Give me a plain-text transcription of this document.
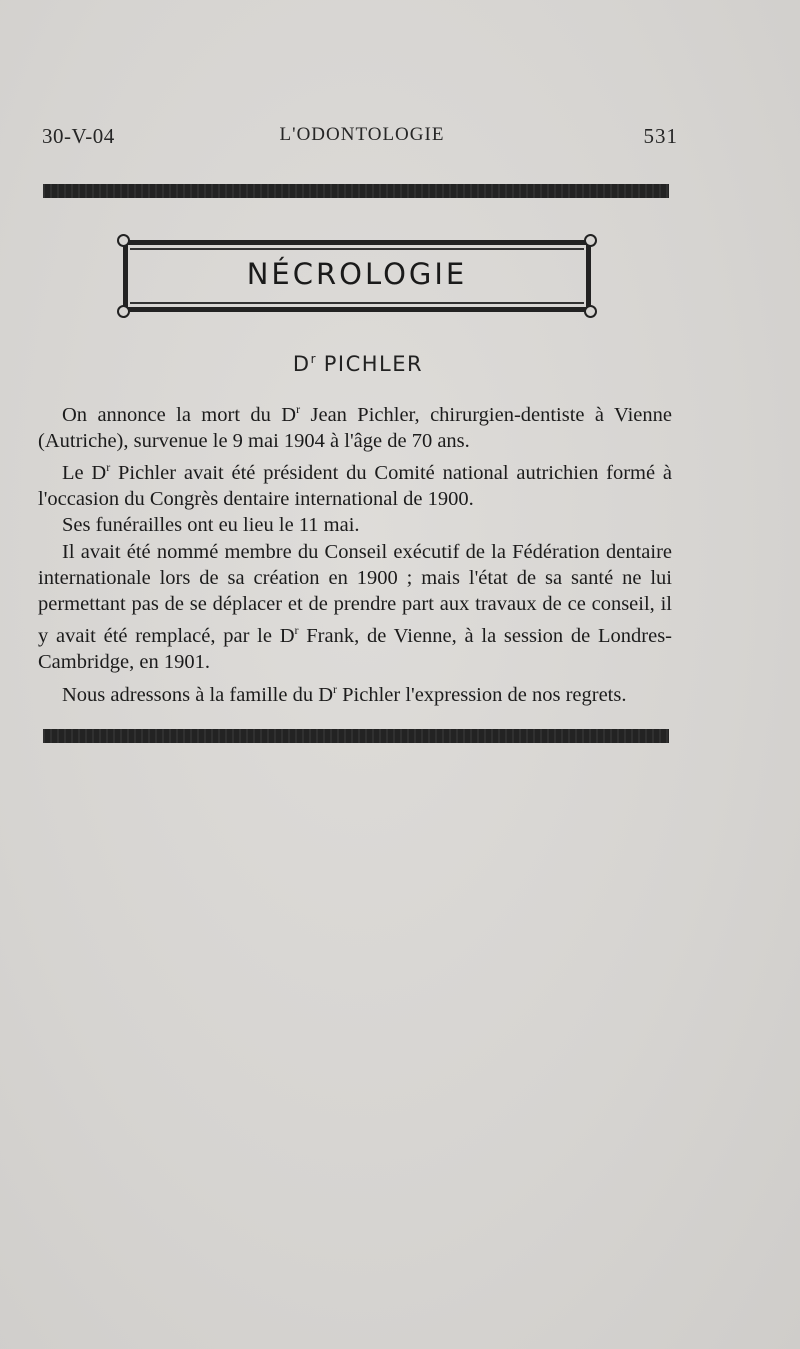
30-V-04	L'ODONTOLOGIE	531
NÉCROLOGIE
$D^r$ PICHLER

On annonce la mort du $D^r$ Jean Pichler, chirurgien-dentiste à Vienne (Autriche), survenue le 9 mai 1904 à l'âge de 70 ans.

Le $D^r$ Pichler avait été président du Comité national autrichien formé à l'occasion du Congrès dentaire international de 1900.

Ses funérailles ont eu lieu le 11 mai.

Il avait été nommé membre du Conseil exécutif de la Fédération dentaire internationale lors de sa création en 1900 ; mais l'état de sa santé ne lui permettant pas de se déplacer et de prendre part aux travaux de ce conseil, il y avait été remplacé, par le $D^r$ Frank, de Vienne, à la session de Londres-Cambridge, en 1901.

Nous adressons à la famille du $D^r$ Pichler l'expression de nos regrets.
